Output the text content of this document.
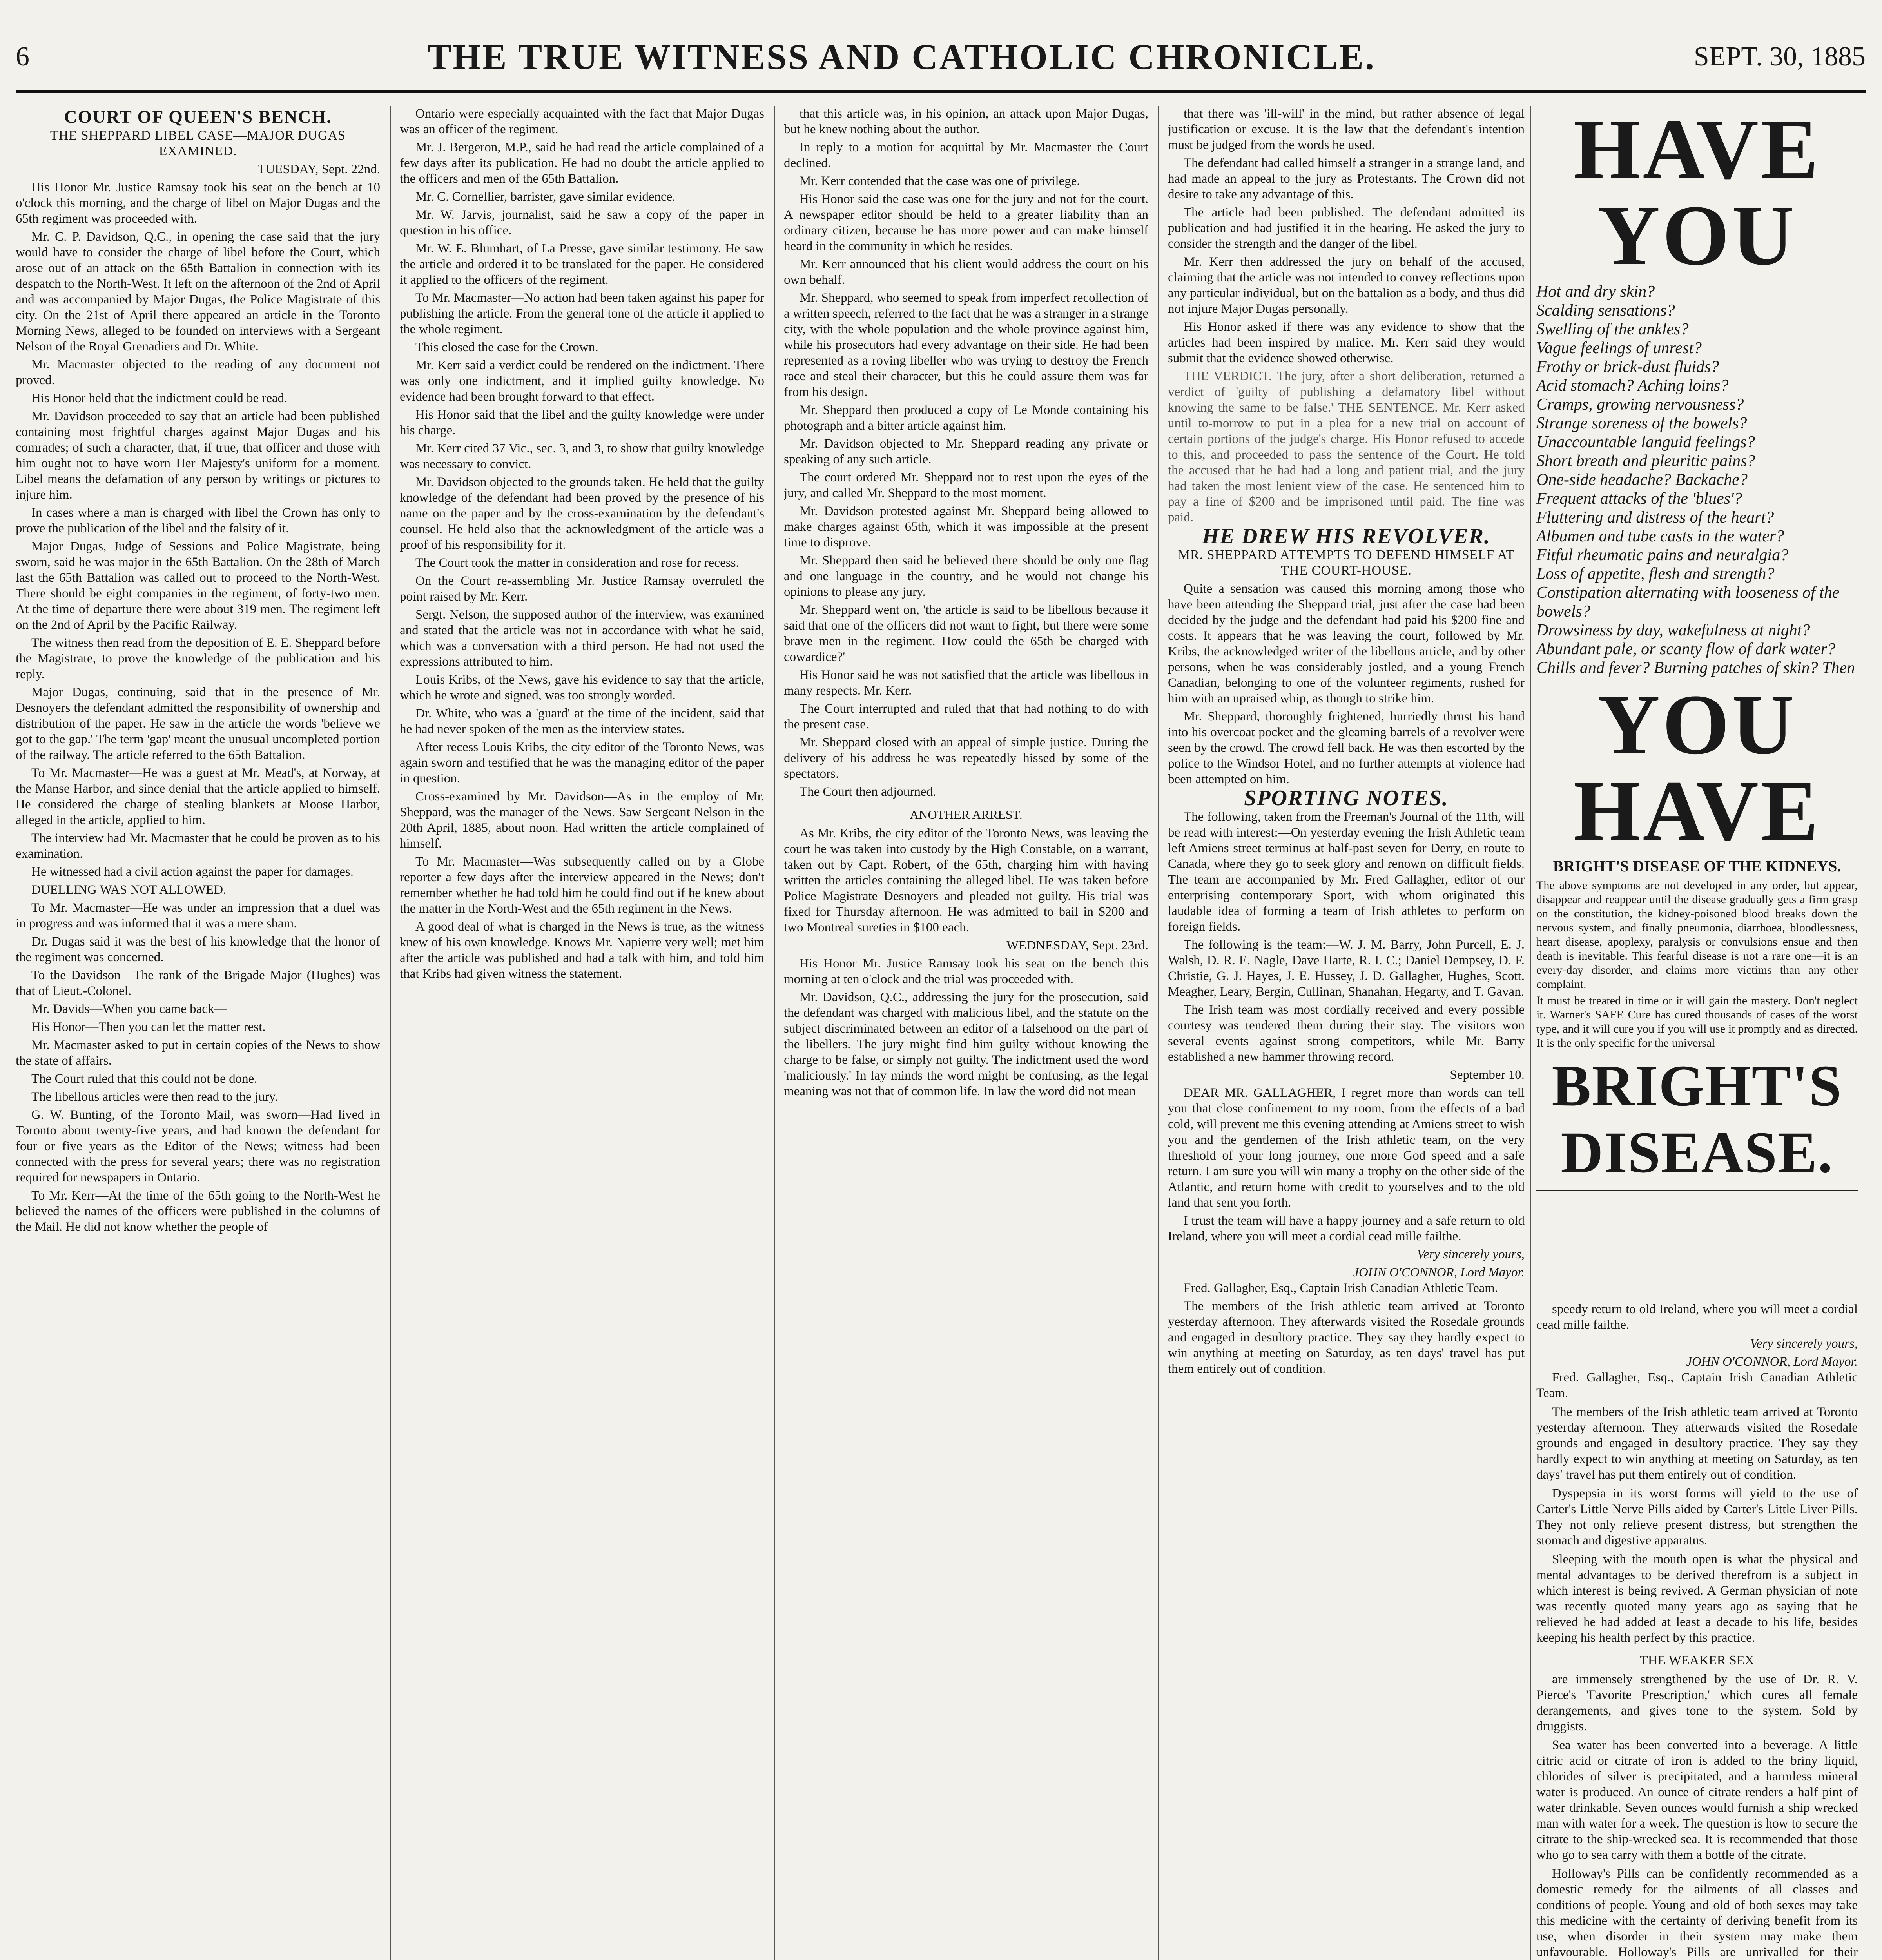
6	THE TRUE WITNESS AND CATHOLIC CHRONICLE.	SEPT. 30, 1885
COURT OF QUEEN'S BENCH.
THE SHEPPARD LIBEL CASE—MAJOR DUGAS EXAMINED.
TUESDAY, Sept. 22nd.

His Honor Mr. Justice Ramsay took his seat on the bench at 10 o'clock this morning, and the charge of libel on Major Dugas and the 65th regiment was proceeded with.

Mr. C. P. Davidson, Q.C., in opening the case said that the jury would have to consider the charge of libel before the Court, which arose out of an attack on the 65th Battalion in connection with its despatch to the North-West. It left on the afternoon of the 2nd of April and was accompanied by Major Dugas, the Police Magistrate of this city. On the 21st of April there appeared an article in the Toronto Morning News, alleged to be founded on interviews with a Sergeant Nelson of the Royal Grenadiers and Dr. White.

Mr. Macmaster objected to the reading of any document not proved.

His Honor held that the indictment could be read.

Mr. Davidson proceeded to say that an article had been published containing most frightful charges against Major Dugas and his comrades; of such a character, that, if true, that officer and those with him ought not to have worn Her Majesty's uniform for a moment. Libel means the defamation of any person by writings or pictures to injure him.

In cases where a man is charged with libel the Crown has only to prove the publication of the libel and the falsity of it.

Major Dugas, Judge of Sessions and Police Magistrate, being sworn, said he was major in the 65th Battalion. On the 28th of March last the 65th Battalion was called out to proceed to the North-West. There should be eight companies in the regiment, of forty-two men. At the time of departure there were about 319 men. The regiment left on the 2nd of April by the Pacific Railway.

The witness then read from the deposition of E. E. Sheppard before the Magistrate, to prove the knowledge of the publication and his reply.

Major Dugas, continuing, said that in the presence of Mr. Desnoyers the defendant admitted the responsibility of ownership and distribution of the paper. He saw in the article the words 'believe we got to the gap.' The term 'gap' meant the unusual uncompleted portion of the railway. The article referred to the 65th Battalion.

To Mr. Macmaster—He was a guest at Mr. Mead's, at Norway, at the Manse Harbor, and since denial that the article applied to himself. He considered the charge of stealing blankets at Moose Harbor, alleged in the article, applied to him.

The interview had Mr. Macmaster that he could be proven as to his examination.

He witnessed had a civil action against the paper for damages.

DUELLING WAS NOT ALLOWED.

To Mr. Macmaster—He was under an impression that a duel was in progress and was informed that it was a mere sham.

Dr. Dugas said it was the best of his knowledge that the honor of the regiment was concerned.

To the Davidson—The rank of the Brigade Major (Hughes) was that of Lieut.-Colonel.

Mr. Davids—When you came back—

His Honor—Then you can let the matter rest.

Mr. Macmaster asked to put in certain copies of the News to show the state of affairs.

The Court ruled that this could not be done.

The libellous articles were then read to the jury.

G. W. Bunting, of the Toronto Mail, was sworn—Had lived in Toronto about twenty-five years, and had known the defendant for four or five years as the Editor of the News; witness had been connected with the press for several years; there was no registration required for newspapers in Ontario.

To Mr. Kerr—At the time of the 65th going to the North-West he believed the names of the officers were published in the columns of the Mail. He did not know whether the people of

Ontario were especially acquainted with the fact that Major Dugas was an officer of the regiment.

Mr. J. Bergeron, M.P., said he had read the article complained of a few days after its publication. He had no doubt the article applied to the officers and men of the 65th Battalion.

Mr. C. Cornellier, barrister, gave similar evidence.

Mr. W. Jarvis, journalist, said he saw a copy of the paper in question in his office.

Mr. W. E. Blumhart, of La Presse, gave similar testimony. He saw the article and ordered it to be translated for the paper. He considered it applied to the officers of the regiment.

To Mr. Macmaster—No action had been taken against his paper for publishing the article. From the general tone of the article it applied to the whole regiment.

This closed the case for the Crown.

Mr. Kerr said a verdict could be rendered on the indictment. There was only one indictment, and it implied guilty knowledge. No evidence had been brought forward to that effect.

His Honor said that the libel and the guilty knowledge were under his charge.

Mr. Kerr cited 37 Vic., sec. 3, and 3, to show that guilty knowledge was necessary to convict.

Mr. Davidson objected to the grounds taken. He held that the guilty knowledge of the defendant had been proved by the presence of his name on the paper and by the cross-examination by the defendant's counsel. He held also that the acknowledgment of the article was a proof of his responsibility for it.

The Court took the matter in consideration and rose for recess.

On the Court re-assembling Mr. Justice Ramsay overruled the point raised by Mr. Kerr.

Sergt. Nelson, the supposed author of the interview, was examined and stated that the article was not in accordance with what he said, which was a conversation with a third person. He had not used the expressions attributed to him.

Louis Kribs, of the News, gave his evidence to say that the article, which he wrote and signed, was too strongly worded.

Dr. White, who was a 'guard' at the time of the incident, said that he had never spoken of the men as the interview states.

After recess Louis Kribs, the city editor of the Toronto News, was again sworn and testified that he was the managing editor of the paper in question.

Cross-examined by Mr. Davidson—As in the employ of Mr. Sheppard, was the manager of the News. Saw Sergeant Nelson in the 20th April, 1885, about noon. Had written the article complained of himself.

To Mr. Macmaster—Was subsequently called on by a Globe reporter a few days after the interview appeared in the News; don't remember whether he had told him he could find out if he knew about the matter in the North-West and the 65th regiment in the News.

A good deal of what is charged in the News is true, as the witness knew of his own knowledge. Knows Mr. Napierre very well; met him after the article was published and had a talk with him, and told him that Kribs had given witness the statement.

that this article was, in his opinion, an attack upon Major Dugas, but he knew nothing about the author.

In reply to a motion for acquittal by Mr. Macmaster the Court declined.

Mr. Kerr contended that the case was one of privilege.

His Honor said the case was one for the jury and not for the court. A newspaper editor should be held to a greater liability than an ordinary citizen, because he has more power and can make himself heard in the community in which he resides.

Mr. Kerr announced that his client would address the court on his own behalf.

Mr. Sheppard, who seemed to speak from imperfect recollection of a written speech, referred to the fact that he was a stranger in a strange city, with the whole population and the whole province against him, while his prosecutors had every advantage on their side. He had been represented as a roving libeller who was trying to destroy the French race and steal their character, but this he could assure them was far from his design.

Mr. Sheppard then produced a copy of Le Monde containing his photograph and a bitter article against him.

Mr. Davidson objected to Mr. Sheppard reading any private or speaking of any such article.

The court ordered Mr. Sheppard not to rest upon the eyes of the jury, and called Mr. Sheppard to the most moment.

Mr. Davidson protested against Mr. Sheppard being allowed to make charges against 65th, which it was impossible at the present time to disprove.

Mr. Sheppard then said he believed there should be only one flag and one language in the country, and he would not change his opinions to please any jury.

Mr. Sheppard went on, 'the article is said to be libellous because it said that one of the officers did not want to fight, but there were some brave men in the regiment. How could the 65th be charged with cowardice?'

His Honor said he was not satisfied that the article was libellous in many respects. Mr. Kerr.

The Court interrupted and ruled that that had nothing to do with the present case.

Mr. Sheppard closed with an appeal of simple justice. During the delivery of his address he was repeatedly hissed by some of the spectators.

The Court then adjourned.

ANOTHER ARREST.

As Mr. Kribs, the city editor of the Toronto News, was leaving the court he was taken into custody by the High Constable, on a warrant, taken out by Capt. Robert, of the 65th, charging him with having written the articles containing the alleged libel. He was taken before Police Magistrate Desnoyers and pleaded not guilty. His trial was fixed for Thursday afternoon. He was admitted to bail in $200 and two Montreal sureties in $100 each.

WEDNESDAY, Sept. 23rd.

His Honor Mr. Justice Ramsay took his seat on the bench this morning at ten o'clock and the trial was proceeded with.

Mr. Davidson, Q.C., addressing the jury for the prosecution, said the defendant was charged with malicious libel, and the statute on the subject discriminated between an editor of a falsehood on the part of the libellers. The jury might find him guilty without knowing the charge to be false, or simply not guilty. The indictment used the word 'maliciously.' In lay minds the word might be confusing, as the legal meaning was not that of common life. In law the word did not mean

that there was 'ill-will' in the mind, but rather absence of legal justification or excuse. It is the law that the defendant's intention must be judged from the words he used.

The defendant had called himself a stranger in a strange land, and had made an appeal to the jury as Protestants. The Crown did not desire to take any advantage of this.

The article had been published. The defendant admitted its publication and had justified it in the hearing. He asked the jury to consider the strength and the danger of the libel.

Mr. Kerr then addressed the jury on behalf of the accused, claiming that the article was not intended to convey reflections upon any particular individual, but on the battalion as a body, and thus did not injure Major Dugas personally.

His Honor asked if there was any evidence to show that the articles had been inspired by malice. Mr. Kerr said they would submit that the evidence showed otherwise.

THE VERDICT. The jury, after a short deliberation, returned a verdict of 'guilty of publishing a defamatory libel without knowing the same to be false.' THE SENTENCE. Mr. Kerr asked until to-morrow to put in a plea for a new trial on account of certain portions of the judge's charge. His Honor refused to accede to this, and proceeded to pass the sentence of the Court. He told the accused that he had had a long and patient trial, and the jury had taken the most lenient view of the case. He sentenced him to pay a fine of $200 and be imprisoned until paid. The fine was paid.

HE DREW HIS REVOLVER.
MR. SHEPPARD ATTEMPTS TO DEFEND HIMSELF AT THE COURT-HOUSE.

Quite a sensation was caused this morning among those who have been attending the Sheppard trial, just after the case had been decided by the judge and the defendant had paid his $200 fine and costs. It appears that he was leaving the court, followed by Mr. Kribs, the acknowledged writer of the libellous article, and by other persons, when he was considerably jostled, and a young French Canadian, belonging to one of the volunteer regiments, rushed for him with an upraised whip, as though to strike him.

Mr. Sheppard, thoroughly frightened, hurriedly thrust his hand into his overcoat pocket and the gleaming barrels of a revolver were seen by the crowd. The crowd fell back. He was then escorted by the police to the Windsor Hotel, and no further attempts at violence had been attempted on him.

SPORTING NOTES.

The following, taken from the Freeman's Journal of the 11th, will be read with interest:—On yesterday evening the Irish Athletic team left Amiens street terminus at half-past seven for Derry, en route to Canada, where they go to seek glory and renown on difficult fields. The team are accompanied by Mr. Fred Gallagher, editor of our enterprising contemporary Sport, with whom originated this laudable idea of forming a team of Irish athletes to perform on foreign fields.

The following is the team:—W. J. M. Barry, John Purcell, E. J. Walsh, D. R. E. Nagle, Dave Harte, R. I. C.; Daniel Dempsey, D. F. Christie, G. J. Hayes, J. E. Hussey, J. D. Gallagher, Hughes, Scott. Meagher, Leary, Bergin, Cullinan, Shanahan, Hegarty, and T. Gavan.

The Irish team was most cordially received and every possible courtesy was tendered them during their stay. The visitors won several events against strong competitors, while Mr. Barry established a new hammer throwing record.

September 10.

DEAR MR. GALLAGHER, I regret more than words can tell you that close confinement to my room, from the effects of a bad cold, will prevent me this evening attending at Amiens street to wish you and the gentlemen of the Irish athletic team, on the very threshold of your long journey, one more God speed and a safe return. I am sure you will win many a trophy on the other side of the Atlantic, and return home with credit to yourselves and to the old land that sent you forth.

I trust the team will have a happy journey and a safe return to old Ireland, where you will meet a cordial cead mille failthe.

Very sincerely yours,
JOHN O'CONNOR, Lord Mayor.

Fred. Gallagher, Esq., Captain Irish Canadian Athletic Team.

The members of the Irish athletic team arrived at Toronto yesterday afternoon. They afterwards visited the Rosedale grounds and engaged in desultory practice. They say they hardly expect to win anything at meeting on Saturday, as ten days' travel has put them entirely out of condition.

HAVE YOU
Hot and dry skin?
Scalding sensations?
Swelling of the ankles?
Vague feelings of unrest?
Frothy or brick-dust fluids?
Acid stomach? Aching loins?
Cramps, growing nervousness?
Strange soreness of the bowels?
Unaccountable languid feelings?
Short breath and pleuritic pains?
One-side headache? Backache?
Frequent attacks of the 'blues'?
Fluttering and distress of the heart?
Albumen and tube casts in the water?
Fitful rheumatic pains and neuralgia?
Loss of appetite, flesh and strength?
Constipation alternating with looseness of the bowels?
Drowsiness by day, wakefulness at night?
Abundant pale, or scanty flow of dark water?
Chills and fever? Burning patches of skin? Then
YOU HAVE
BRIGHT'S DISEASE OF THE KIDNEYS.

The above symptoms are not developed in any order, but appear, disappear and reappear until the disease gradually gets a firm grasp on the constitution, the kidney-poisoned blood breaks down the nervous system, and finally pneumonia, diarrhoea, bloodlessness, heart disease, apoplexy, paralysis or convulsions ensue and then death is inevitable. This fearful disease is not a rare one—it is an every-day disorder, and claims more victims than any other complaint.

It must be treated in time or it will gain the mastery. Don't neglect it. Warner's SAFE Cure has cured thousands of cases of the worst type, and it will cure you if you will use it promptly and as directed. It is the only specific for the universal

BRIGHT'S DISEASE.

speedy return to old Ireland, where you will meet a cordial cead mille failthe.

Very sincerely yours,
JOHN O'CONNOR, Lord Mayor.

Fred. Gallagher, Esq., Captain Irish Canadian Athletic Team.

The members of the Irish athletic team arrived at Toronto yesterday afternoon. They afterwards visited the Rosedale grounds and engaged in desultory practice. They say they hardly expect to win anything at meeting on Saturday, as ten days' travel has put them entirely out of condition.

Dyspepsia in its worst forms will yield to the use of Carter's Little Nerve Pills aided by Carter's Little Liver Pills. They not only relieve present distress, but strengthen the stomach and digestive apparatus.

Sleeping with the mouth open is what the physical and mental advantages to be derived therefrom is a subject in which interest is being revived. A German physician of note was recently quoted many years ago as saying that he relieved he had added at least a decade to his life, besides keeping his health perfect by this practice.

THE WEAKER SEX

are immensely strengthened by the use of Dr. R. V. Pierce's 'Favorite Prescription,' which cures all female derangements, and gives tone to the system. Sold by druggists.

Sea water has been converted into a beverage. A little citric acid or citrate of iron is added to the briny liquid, chlorides of silver is precipitated, and a harmless mineral water is produced. An ounce of citrate renders a half pint of water drinkable. Seven ounces would furnish a ship wrecked man with water for a week. The question is how to secure the citrate to the ship-wrecked sea. It is recommended that those who go to sea carry with them a bottle of the citrate.

Holloway's Pills can be confidently recommended as a domestic remedy for the ailments of all classes and conditions of people. Young and old of both sexes may take this medicine with the certainty of deriving benefit from its use, when disorder in their system may make them unfavourable. Holloway's Pills are unrivalled for their
